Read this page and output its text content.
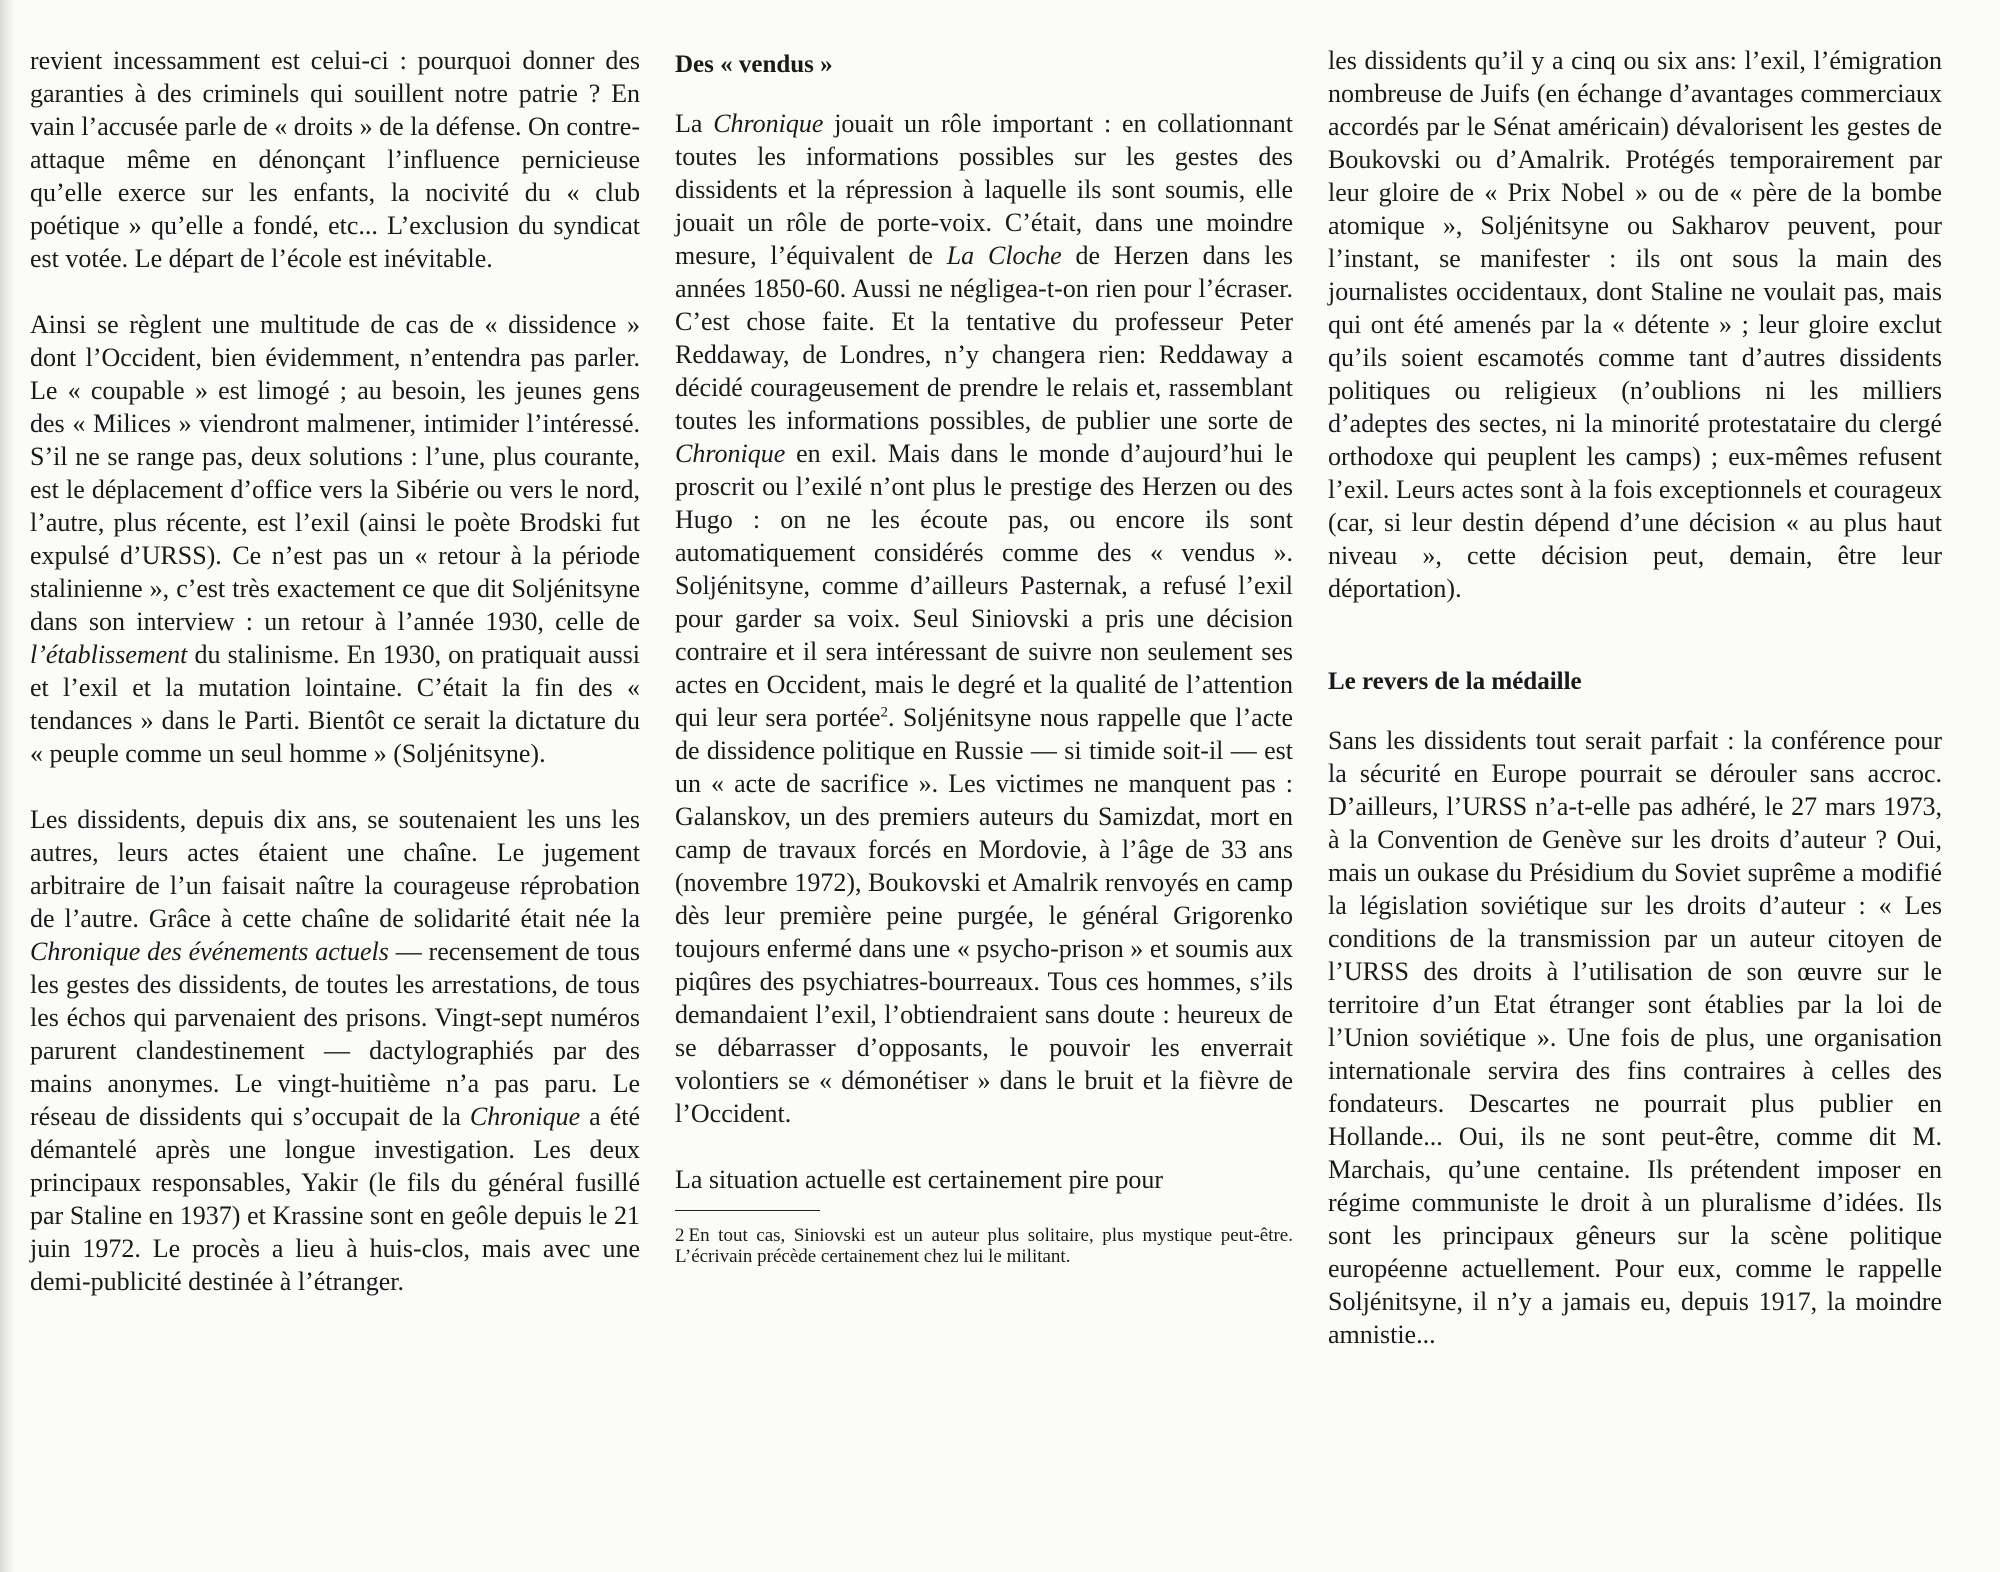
revient incessamment est celui-ci : pourquoi donner des garanties à des criminels qui souillent notre patrie ? En vain l’accusée parle de « droits » de la défense. On contre-attaque même en dénonçant l’influence pernicieuse qu’elle exerce sur les enfants, la nocivité du « club poétique » qu’elle a fondé, etc... L’exclusion du syndicat est votée. Le départ de l’école est inévitable.

Ainsi se règlent une multitude de cas de « dissidence » dont l’Occident, bien évidemment, n’entendra pas parler. Le « coupable » est limogé ; au besoin, les jeunes gens des « Milices » viendront malmener, intimider l’intéressé. S’il ne se range pas, deux solutions : l’une, plus courante, est le déplacement d’office vers la Sibérie ou vers le nord, l’autre, plus récente, est l’exil (ainsi le poète Brodski fut expulsé d’URSS). Ce n’est pas un « retour à la période stalinienne », c’est très exactement ce que dit Soljénitsyne dans son interview : un retour à l’année 1930, celle de l’établissement du stalinisme. En 1930, on pratiquait aussi et l’exil et la mutation lointaine. C’était la fin des « tendances » dans le Parti. Bientôt ce serait la dictature du « peuple comme un seul homme » (Soljénitsyne).

Les dissidents, depuis dix ans, se soutenaient les uns les autres, leurs actes étaient une chaîne. Le jugement arbitraire de l’un faisait naître la courageuse réprobation de l’autre. Grâce à cette chaîne de solidarité était née la Chronique des événements actuels — recensement de tous les gestes des dissidents, de toutes les arrestations, de tous les échos qui parvenaient des prisons. Vingt-sept numéros parurent clandestinement — dactylographiés par des mains anonymes. Le vingt-huitième n’a pas paru. Le réseau de dissidents qui s’occupait de la Chronique a été démantelé après une longue investigation. Les deux principaux responsables, Yakir (le fils du général fusillé par Staline en 1937) et Krassine sont en geôle depuis le 21 juin 1972. Le procès a lieu à huis-clos, mais avec une demi-publicité destinée à l’étranger.

Des « vendus »

La Chronique jouait un rôle important : en collationnant toutes les informations possibles sur les gestes des dissidents et la répression à laquelle ils sont soumis, elle jouait un rôle de porte-voix. C’était, dans une moindre mesure, l’équivalent de La Cloche de Herzen dans les années 1850-60. Aussi ne négligea-t-on rien pour l’écraser. C’est chose faite. Et la tentative du professeur Peter Reddaway, de Londres, n’y changera rien: Reddaway a décidé courageusement de prendre le relais et, rassemblant toutes les informations possibles, de publier une sorte de Chronique en exil. Mais dans le monde d’aujourd’hui le proscrit ou l’exilé n’ont plus le prestige des Herzen ou des Hugo : on ne les écoute pas, ou encore ils sont automatiquement considérés comme des « vendus ». Soljénitsyne, comme d’ailleurs Pasternak, a refusé l’exil pour garder sa voix. Seul Siniovski a pris une décision contraire et il sera intéressant de suivre non seulement ses actes en Occident, mais le degré et la qualité de l’attention qui leur sera portée$^2$. Soljénitsyne nous rappelle que l’acte de dissidence politique en Russie — si timide soit-il — est un « acte de sacrifice ». Les victimes ne manquent pas : Galanskov, un des premiers auteurs du Samizdat, mort en camp de travaux forcés en Mordovie, à l’âge de 33 ans (novembre 1972), Boukovski et Amalrik renvoyés en camp dès leur première peine purgée, le général Grigorenko toujours enfermé dans une « psycho-prison » et soumis aux piqûres des psychiatres-bourreaux. Tous ces hommes, s’ils demandaient l’exil, l’obtiendraient sans doute : heureux de se débarrasser d’opposants, le pouvoir les enverrait volontiers se « démonétiser » dans le bruit et la fièvre de l’Occident.

La situation actuelle est certainement pire pour

2 En tout cas, Siniovski est un auteur plus solitaire, plus mystique peut-être. L’écrivain précède certainement chez lui le militant.

les dissidents qu’il y a cinq ou six ans: l’exil, l’émigration nombreuse de Juifs (en échange d’avantages commerciaux accordés par le Sénat américain) dévalorisent les gestes de Boukovski ou d’Amalrik. Protégés temporairement par leur gloire de « Prix Nobel » ou de « père de la bombe atomique », Soljénitsyne ou Sakharov peuvent, pour l’instant, se manifester : ils ont sous la main des journalistes occidentaux, dont Staline ne voulait pas, mais qui ont été amenés par la « détente » ; leur gloire exclut qu’ils soient escamotés comme tant d’autres dissidents politiques ou religieux (n’oublions ni les milliers d’adeptes des sectes, ni la minorité protestataire du clergé orthodoxe qui peuplent les camps) ; eux-mêmes refusent l’exil. Leurs actes sont à la fois exceptionnels et courageux (car, si leur destin dépend d’une décision « au plus haut niveau », cette décision peut, demain, être leur déportation).

Le revers de la médaille

Sans les dissidents tout serait parfait : la conférence pour la sécurité en Europe pourrait se dérouler sans accroc. D’ailleurs, l’URSS n’a-t-elle pas adhéré, le 27 mars 1973, à la Convention de Genève sur les droits d’auteur ? Oui, mais un oukase du Présidium du Soviet suprême a modifié la législation soviétique sur les droits d’auteur : « Les conditions de la transmission par un auteur citoyen de l’URSS des droits à l’utilisation de son œuvre sur le territoire d’un Etat étranger sont établies par la loi de l’Union soviétique ». Une fois de plus, une organisation internationale servira des fins contraires à celles des fondateurs. Descartes ne pourrait plus publier en Hollande... Oui, ils ne sont peut-être, comme dit M. Marchais, qu’une centaine. Ils prétendent imposer en régime communiste le droit à un pluralisme d’idées. Ils sont les principaux gêneurs sur la scène politique européenne actuellement. Pour eux, comme le rappelle Soljénitsyne, il n’y a jamais eu, depuis 1917, la moindre amnistie...
